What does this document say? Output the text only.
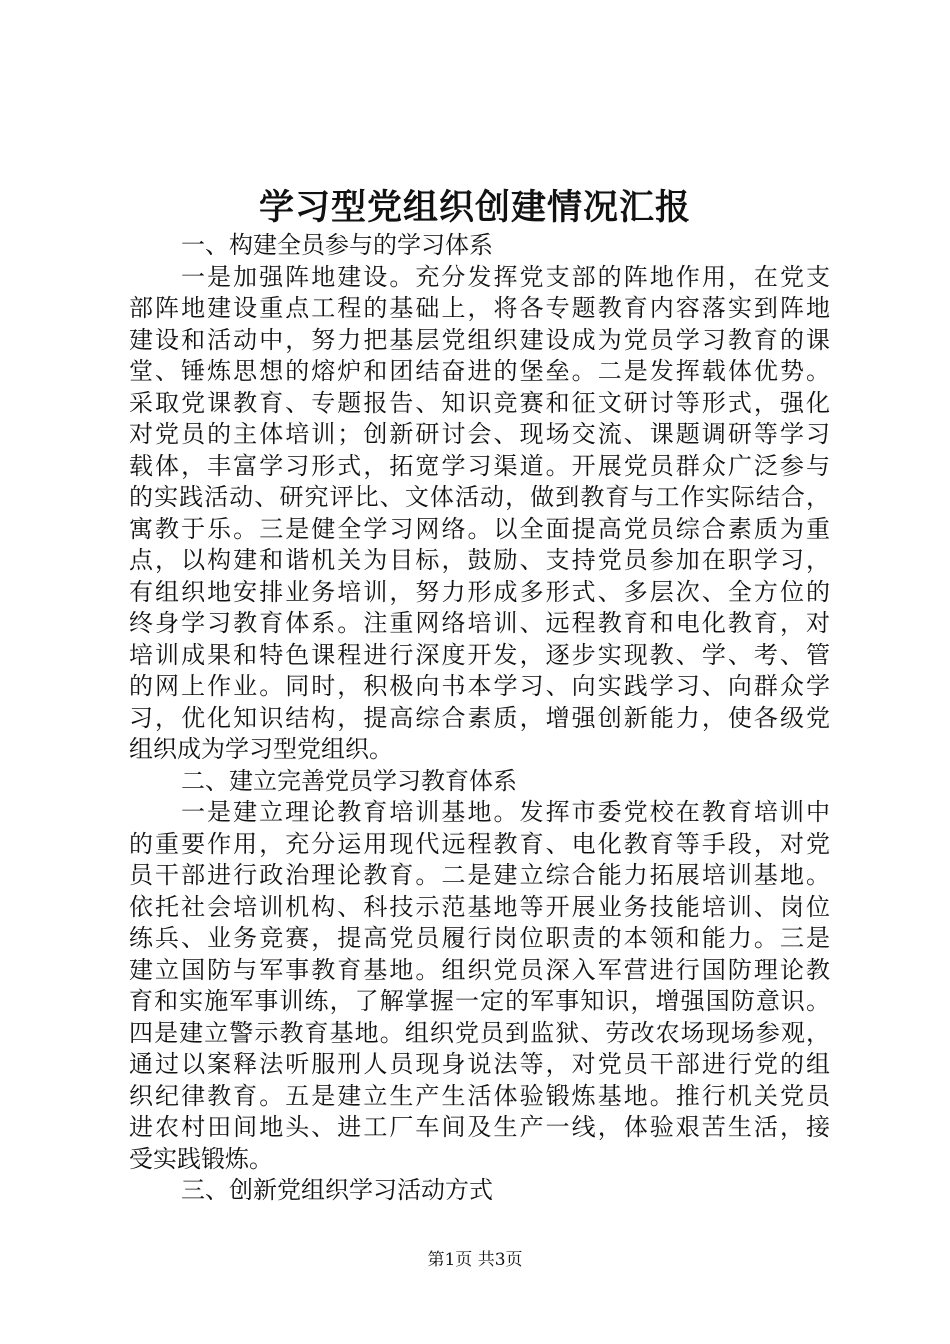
学习型党组织创建情况汇报
一、构建全员参与的学习体系
一是加强阵地建设。充分发挥党支部的阵地作用，在党支
部阵地建设重点工程的基础上，将各专题教育内容落实到阵地
建设和活动中，努力把基层党组织建设成为党员学习教育的课
堂、锤炼思想的熔炉和团结奋进的堡垒。二是发挥载体优势。
采取党课教育、专题报告、知识竞赛和征文研讨等形式，强化
对党员的主体培训；创新研讨会、现场交流、课题调研等学习
载体，丰富学习形式，拓宽学习渠道。开展党员群众广泛参与
的实践活动、研究评比、文体活动，做到教育与工作实际结合，
寓教于乐。三是健全学习网络。以全面提高党员综合素质为重
点，以构建和谐机关为目标，鼓励、支持党员参加在职学习，
有组织地安排业务培训，努力形成多形式、多层次、全方位的
终身学习教育体系。注重网络培训、远程教育和电化教育，对
培训成果和特色课程进行深度开发，逐步实现教、学、考、管
的网上作业。同时，积极向书本学习、向实践学习、向群众学
习，优化知识结构，提高综合素质，增强创新能力，使各级党
组织成为学习型党组织。
二、建立完善党员学习教育体系
一是建立理论教育培训基地。发挥市委党校在教育培训中
的重要作用，充分运用现代远程教育、电化教育等手段，对党
员干部进行政治理论教育。二是建立综合能力拓展培训基地。
依托社会培训机构、科技示范基地等开展业务技能培训、岗位
练兵、业务竞赛，提高党员履行岗位职责的本领和能力。三是
建立国防与军事教育基地。组织党员深入军营进行国防理论教
育和实施军事训练，了解掌握一定的军事知识，增强国防意识。
四是建立警示教育基地。组织党员到监狱、劳改农场现场参观，
通过以案释法听服刑人员现身说法等，对党员干部进行党的组
织纪律教育。五是建立生产生活体验锻炼基地。推行机关党员
进农村田间地头、进工厂车间及生产一线，体验艰苦生活，接
受实践锻炼。
三、创新党组织学习活动方式
第1页 共3页
